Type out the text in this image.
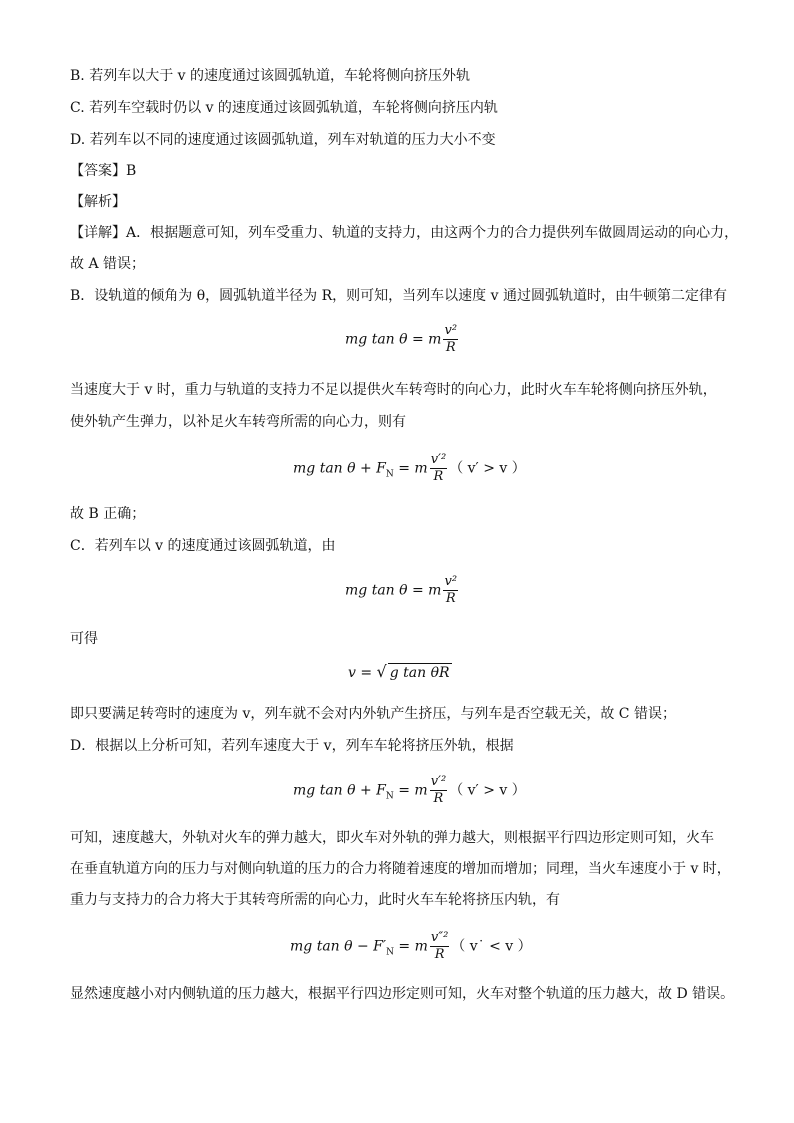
B. 若列车以大于 v 的速度通过该圆弧轨道，车轮将侧向挤压外轨
C. 若列车空载时仍以 v 的速度通过该圆弧轨道，车轮将侧向挤压内轨
D. 若列车以不同的速度通过该圆弧轨道，列车对轨道的压力大小不变
【答案】B
【解析】
【详解】A．根据题意可知，列车受重力、轨道的支持力，由这两个力的合力提供列车做圆周运动的向心力，
故 A 错误；
B．设轨道的倾角为 θ，圆弧轨道半径为 R，则可知，当列车以速度 v 通过圆弧轨道时，由牛顿第二定律有
mg tan θ = m $\frac{\text{v²}}{R}$
当速度大于 v 时，重力与轨道的支持力不足以提供火车转弯时的向心力，此时火车车轮将侧向挤压外轨，
使外轨产生弹力，以补足火车转弯所需的向心力，则有
mg $\tan \theta + F_N = m \frac{\text{v′²}}{R}$ （ v′ > v ）
故 B 正确；
C．若列车以 v 的速度通过该圆弧轨道，由
mg tan θ = m $\frac{\text{v²}}{R}$
可得
v = √ g tan θR
即只要满足转弯时的速度为 v，列车就不会对内外轨产生挤压，与列车是否空载无关，故 C 错误；
D．根据以上分析可知，若列车速度大于 v，列车车轮将挤压外轨，根据
mg $\tan \theta + F_N = m \frac{\text{v′²}}{R}$ （ v′ > v ）
可知，速度越大，外轨对火车的弹力越大，即火车对外轨的弹力越大，则根据平行四边形定则可知，火车
在垂直轨道方向的压力与对侧向轨道的压力的合力将随着速度的增加而增加；同理，当火车速度小于 v 时，
重力与支持力的合力将大于其转弯所需的向心力，此时火车车轮将挤压内轨，有
mg $\tan \theta - F'_N = m \frac{\text{v″²}}{R}$ （ v˙ < v ）
显然速度越小对内侧轨道的压力越大，根据平行四边形定则可知，火车对整个轨道的压力越大，故 D 错误。
